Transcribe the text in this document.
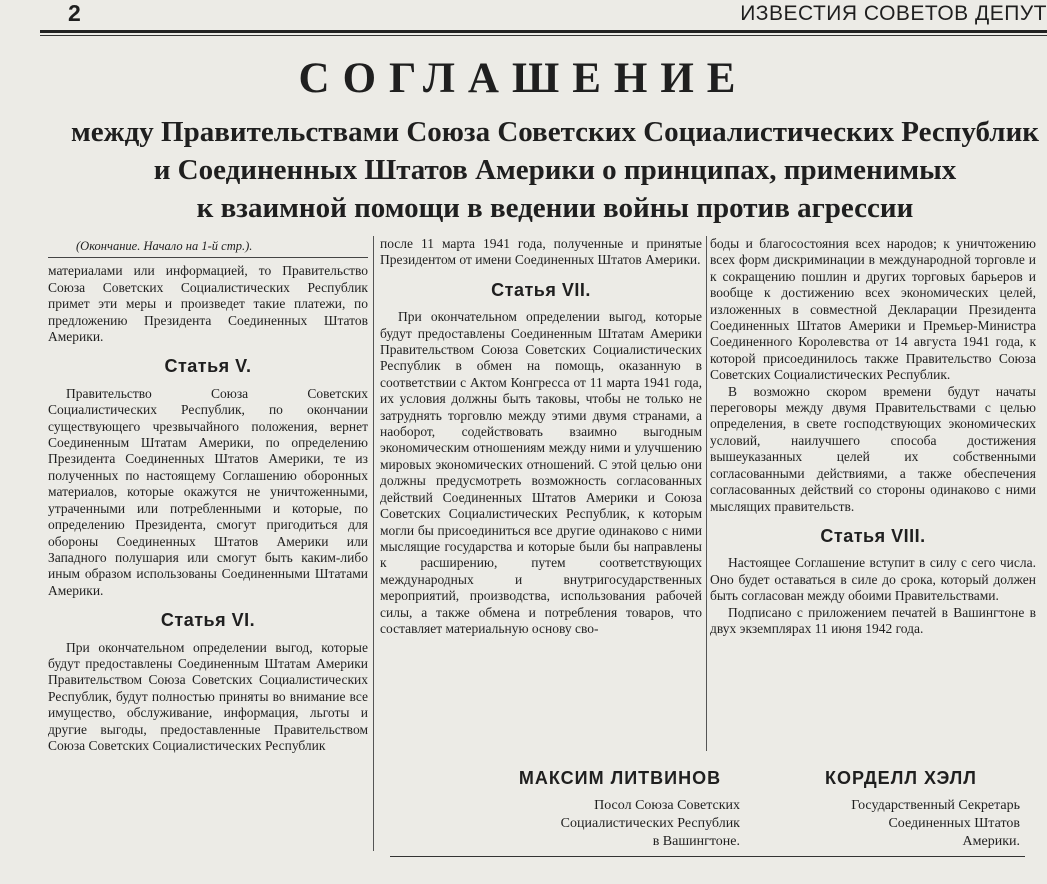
2	ИЗВЕСТИЯ СОВЕТОВ ДЕПУТ
СОГЛАШЕНИЕ
между Правительствами Союза Советских Социалистических Республик
и Соединенных Штатов Америки о принципах, применимых
к взаимной помощи в ведении войны против агрессии
(Окончание. Начало на 1-й стр.).

материалами или информацией, то Правительство Союза Советских Социалистических Республик примет эти меры и произведет такие платежи, по предложению Президента Соединенных Штатов Америки.

Статья V.

Правительство Союза Советских Социалистических Республик, по окончании существующего чрезвычайного положения, вернет Соединенным Штатам Америки, по определению Президента Соединенных Штатов Америки, те из полученных по настоящему Соглашению оборонных материалов, которые окажутся не уничтоженными, утраченными или потребленными и которые, по определению Президента, смогут пригодиться для обороны Соединенных Штатов Америки или Западного полушария или смогут быть каким-либо иным образом использованы Соединенными Штатами Америки.

Статья VI.

При окончательном определении выгод, которые будут предоставлены Соединенным Штатам Америки Правительством Союза Советских Социалистических Республик, будут полностью приняты во внимание все имущество, обслуживание, информация, льготы и другие выгоды, предоставленные Правительством Союза Советских Социалистических Республик

после 11 марта 1941 года, полученные и принятые Президентом от имени Соединенных Штатов Америки.

Статья VII.

При окончательном определении выгод, которые будут предоставлены Соединенным Штатам Америки Правительством Союза Советских Социалистических Республик в обмен на помощь, оказанную в соответствии с Актом Конгресса от 11 марта 1941 года, их условия должны быть таковы, чтобы не только не затруднять торговлю между этими двумя странами, а наоборот, содействовать взаимно выгодным экономическим отношениям между ними и улучшению мировых экономических отношений. С этой целью они должны предусмотреть возможность согласованных действий Соединенных Штатов Америки и Союза Советских Социалистических Республик, к которым могли бы присоединиться все другие одинаково с ними мыслящие государства и которые были бы направлены к расширению, путем соответствующих международных и внутригосударственных мероприятий, производства, использования рабочей силы, а также обмена и потребления товаров, что составляет материальную основу сво-

боды и благосостояния всех народов; к уничтожению всех форм дискриминации в международной торговле и к сокращению пошлин и других торговых барьеров и вообще к достижению всех экономических целей, изложенных в совместной Декларации Президента Соединенных Штатов Америки и Премьер-Министра Соединенного Королевства от 14 августа 1941 года, к которой присоединилось также Правительство Союза Советских Социалистических Республик.

В возможно скором времени будут начаты переговоры между двумя Правительствами с целью определения, в свете господствующих экономических условий, наилучшего способа достижения вышеуказанных целей их собственными согласованными действиями, а также обеспечения согласованных действий со стороны одинаково с ними мыслящих правительств.

Статья VIII.

Настоящее Соглашение вступит в силу с сего числа. Оно будет оставаться в силе до срока, который должен быть согласован между обоими Правительствами.

Подписано с приложением печатей в Вашингтоне в двух экземплярах 11 июня 1942 года.

МАКСИМ ЛИТВИНОВ
Посол Союза Советских
Социалистических Республик
в Вашингтоне.
КОРДЕЛЛ ХЭЛЛ
Государственный Секретарь
Соединенных Штатов
Америки.
